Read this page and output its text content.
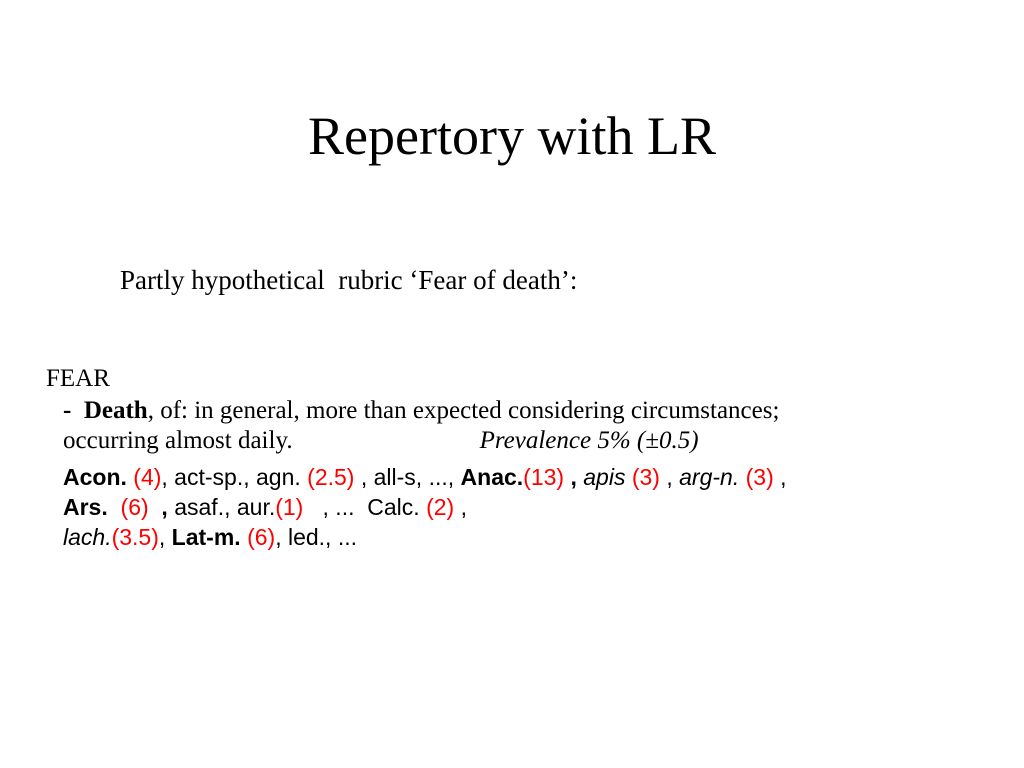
Repertory with LR
Partly hypothetical  rubric ‘Fear of death’:
FEAR
-  Death, of: in general, more than expected considering circumstances;
occurring almost daily.	Prevalence 5% (±0.5)
Acon. (4), act-sp., agn. (2.5) , all-s, ..., Anac.(13) , apis (3) , arg-n. (3) ,
Ars. (6)  , asaf., aur.(1)   , ...  Calc. (2) ,
lach.(3.5), Lat-m. (6), led., ...
